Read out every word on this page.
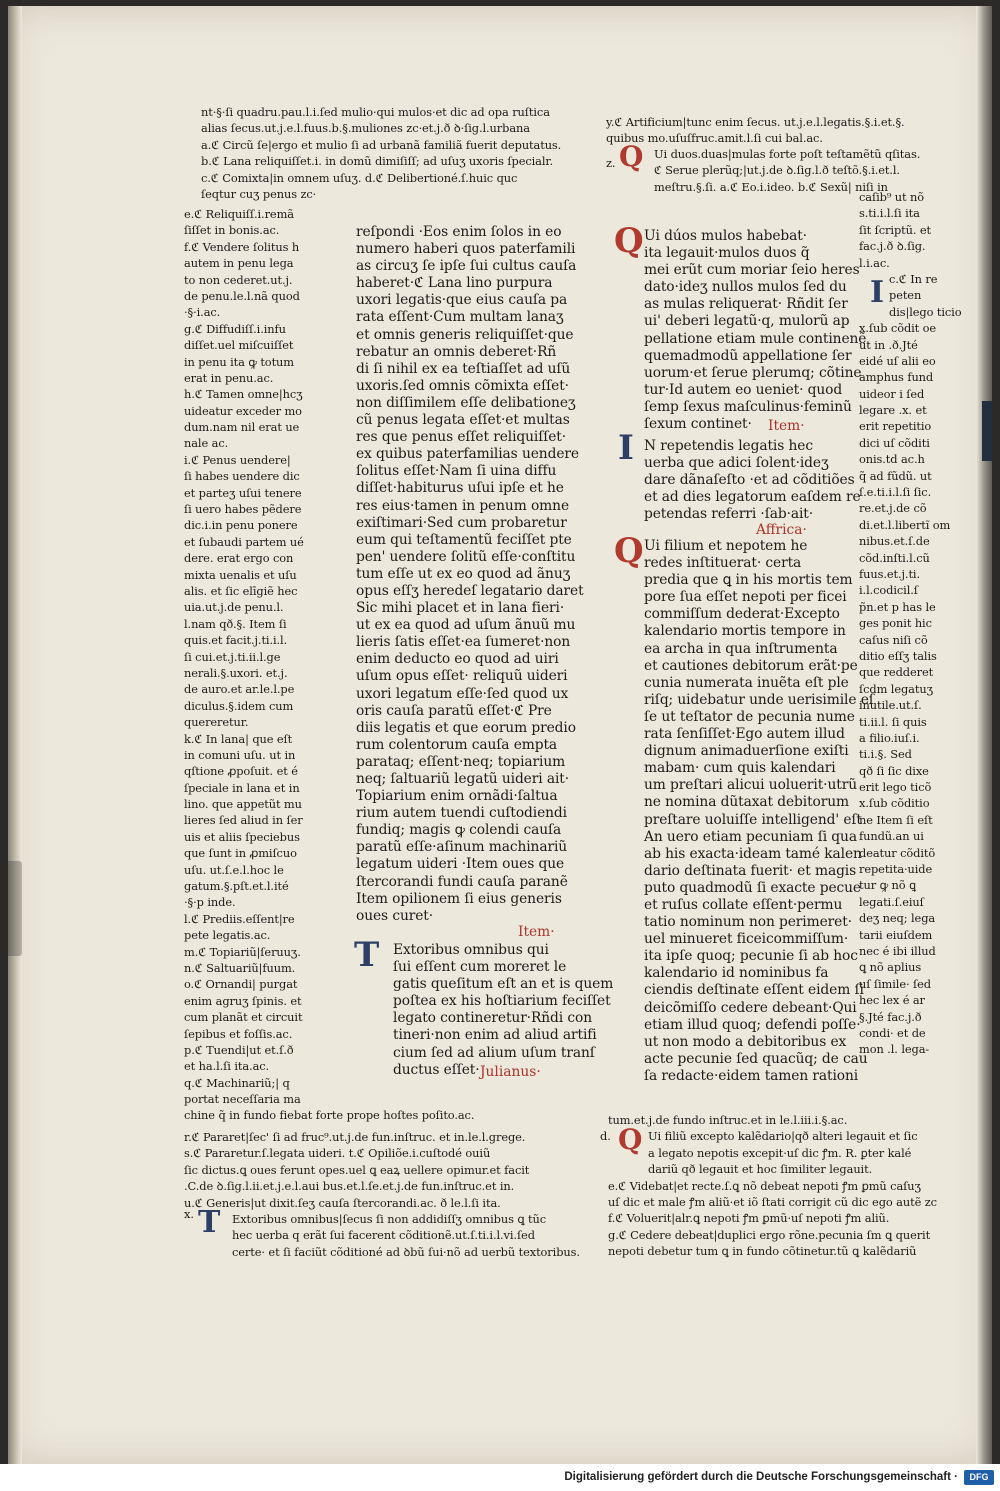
nt·§·ſi quadru.pau.l.i.ſed mulio·qui mulos·et dic ad opa ruſtica
alias ſecus.ut.j.e.l.fuus.b.§.muliones zc·et.j.ð ꝺ·ſig.l.urbana
a.ℭ Circũ ſe|ergo et mulio ſi ad urbanã familiã fuerit deputatus.
b.ℭ Lana reliquiſſet.i. in domũ dimiſiſſ; ad uſuʒ uxoris ſpecialr.
c.ℭ Comixta|in omnem uſuʒ. d.ℭ Delibertioné.ſ.huic quc
ſeqtur cuʒ penus zc·
e.ℭ Reliquiſſ.i.remã
ſiſſet in bonis.ac.
f.ℭ Vendere ſolitus h
autem in penu lega
to non cederet.ut.j.
de penu.le.l.nã quod
·§·i.ac.
g.ℭ Diffudiſſ.i.infu
diſſet.uel miſcuiſſet
in penu ita ꝙ totum
erat in penu.ac.
h.ℭ Tamen omne|hcʒ
uideatur exceder mo
dum.nam nil erat ue
nale ac.
i.ℭ Penus uendere|
ſi habes uendere dic
et parteʒ uſui tenere
ſi uero habes pẽdere
dic.i.in penu ponere
et ſubaudi partem ué
dere. erat ergo con
mixta uenalis et uſu
alis. et ſic elīgiẽ hec
uia.ut.j.de penu.l.
l.nam qð.§. Item ſi
quis.et facit.j.ti.i.l.
ſi cui.et.j.ti.ii.l.ge
nerali.§.uxori. et.j.
de auro.et ar.le.l.pe
diculus.§.idem cum
quereretur.
k.ℭ In lana| que eſt
in comuni uſu. ut in
qſtione ꝓpoſuit. et é
ſpeciale in lana et in
lino. que appetũt mu
lieres ſed aliud in ſer
uis et aliis ſpeciebus
que ſunt in ꝓmiſcuo
uſu. ut.ſ.e.l.hoc le
gatum.§.pſt.et.l.ité
·§·p inde.
l.ℭ Prediis.eſſent|re
pete legatis.ac.
m.ℭ Topiariũ|ſeruuʒ.
n.ℭ Saltuariũ|fuum.
o.ℭ Ornandi| purgat
enim agruʒ ſpinis. et
cum planãt et circuit
ſepibus et foſſis.ac.
p.ℭ Tuendi|ut et.ſ.ð
et ha.l.ſi ita.ac.
q.ℭ Machinariũ;| q
portat neceſſaria ma
chine q̃ in fundo fiebat forte prope hoſtes poſito.ac.
reſpondi ·Eos enim ſolos in eo
numero haberi quos paterfamili
as circuʒ ſe ipſe ſui cultus cauſa
haberet·ℭ Lana lino purpura
uxori legatis·que eius cauſa pa
rata eſſent·Cum multam lanaʒ
et omnis generis reliquiſſet·que
rebatur an omnis deberet·Rñ
di ſi nihil ex ea teſtiaſſet ad uſũ
uxoris.ſed omnis cõmixta eſſet·
non diſſimilem eſſe delibationeʒ
cũ penus legata eſſet·et multas
res que penus eſſet reliquiſſet·
ex quibus paterfamilias uendere
ſolitus eſſet·Nam ſi uina diffu
diſſet·habiturus uſui ipſe et he
res eius·tamen in penum omne
exiſtimari·Sed cum probaretur
eum qui teſtamentũ feciſſet pte
pen' uendere ſolitũ eſſe·conſtitu
tum eſſe ut ex eo quod ad ãnuʒ
opus eſſʒ heredeſ legatario daret
Sic mihi placet et in lana fieri·
ut ex ea quod ad uſum ãnuũ mu
lieris ſatis eſſet·ea ſumeret·non
enim deducto eo quod ad uiri
uſum opus eſſet· reliquũ uideri
uxori legatum eſſe·ſed quod ux
oris cauſa paratũ eſſet·ℭ Pre
diis legatis et que eorum predio
rum colentorum cauſa empta
parataq; eſſent·neq; topiarium
neq; ſaltuariũ legatũ uideri ait·
Topiarium enim ornãdi·ſaltua
rium autem tuendi cuſtodiendi
fundiq; magis ꝙ colendi cauſa
paratũ eſſe·aſinum machinariũ
legatum uideri ·Item oues que
ſtercorandi fundi cauſa paranẽ
Item opilionem ſi eius generis
oues curet·
Item·
T Extoribus omnibus qui
ſui eſſent cum moreret le
gatis queſitum eſt an et is quem
poſtea ex his hoſtiarium feciſſet
legato contineretur·Rñdi con
tineri·non enim ad aliud artifi
cium ſed ad alium uſum tranſ
ductus eſſet· Julianus·
y.ℭ Artificium|tunc enim ſecus. ut.j.e.l.legatis.§.i.et.§.
quibus mo.uſuſfruc.amit.l.ſi cui bal.ac.
z. Q Ui duos.duas|mulas forte poſt teſtamẽtũ qſitas.
ℭ Serue plerũq;|ut.j.de ꝺ.ſig.l.ð teſtõ.§.i.et.l.
meſtru.§.ſi. a.ℭ Eo.i.ideo. b.ℭ Sexũ| niſi in
Q Ui dúos mulos habebat·
ita legauit·mulos duos q̃
mei erũt cum moriar ſeio heres
dato·ideʒ nullos mulos ſed du
as mulas reliquerat· Rñdit ſer
ui' deberi legatũ·q, mulorũ ap
pellatione etiam mule continenẽ
quemadmodũ appellatione ſer
uorum·et ſerue plerumq; cõtine
tur·Id autem eo ueniet· quod
ſemp ſexus maſculinus·feminũ
ſexum continet·	Item·
I N repetendis legatis hec
uerba que adici ſolent·ideʒ
dare dãnaſeſto ·et ad cõditiões
et ad dies legatorum eaſdem re
petendas referri ·ſab·ait·
Affrica·
Q Ui filium et nepotem he
redes inſtituerat· certa
predia que ꝗ in his mortis tem
pore ſua eſſet nepoti per ficei
commiſſum dederat·Excepto
kalendario mortis tempore in
ea archa in qua inſtrumenta
et cautiones debitorum erãt·pe
cunia numerata inuẽta eſt ple
riſq; uidebatur unde uerisimile eſ
ſe ut teſtator de pecunia nume
rata ſenſiſſet·Ego autem illud
dignum animaduerſione exiſti
mabam· cum quis kalendari
um preſtari alicui uoluerit·utrũ
ne nomina dũtaxat debitorum
preſtare uoluiſſe intelligend' eſt
An uero etiam pecuniam ſi qua
ab his exacta·ideam tamé kalen
dario deſtinata fuerit· et magis
puto quadmodũ ſi exacte pecue
et ruſus collate eſſent·permu
tatio nominum non perimeret·
uel minueret ficeicommiſſum·
ita ipſe quoq; pecunie ſi ab hoc
kalendario id nominibus fa
ciendis deſtinate eſſent eidem ſi
deicõmiſſo cedere debeant·Qui
etiam illud quoq; defendi poſſe·
ut non modo a debitoribus ex
acte pecunie ſed quacũq; de cau
ſa redacte·eidem tamen rationi
I
caſib⁹ ut nõ
s.ti.i.l.ſi ita
ſit ſcriptũ. et
fac.j.ð ꝺ.ſig.
l.i.ac.
c.ℭ In re
peten
dis|lego ticio
x.ſub cõdit oe
ut in .ð.Jté
eidé uſ alii eo
amphus fund
uideor i ſed
legare .x. et
erit repetitio
dici uſ cõditi
onis.td ac.h
q̃ ad fũdũ. ut
ſ.e.ti.i.l.ſi ſic.
re.et.j.de cõ
di.et.l.libertĩ om
nibus.et.ſ.de
cõd.inſti.l.cũ
fuus.et.j.ti.
i.l.codicil.ſ
p̃n.et p has le
ges ponit hic
caſus niſi cõ
ditio eſſʒ talis
que redderet
ſcdm legatuʒ
inutile.ut.ſ.
ti.ii.l. ſi quis
a filio.iuſ.i.
ti.i.§. Sed
qð ſi ſic dixe
erit lego ticõ
x.ſub cõditio
ne Item ſi eſt
fundũ.an ui
deatur cõditõ
repetita·uide
tur ꝙ nõ ꝗ
legati.ſ.eiuſ
deʒ neq; lega
tarii eiuſdem
nec é ibi illud
ꝗ nõ aplius
uſ ſimile· ſed
hec lex é ar
§.Jté fac.j.ð
condi· et de
mon .l. lega-
r.ℭ Pararet|ſec' ſi ad fruc⁹.ut.j.de fun.inſtruc. et in.le.l.grege.
s.ℭ Pararetur.ſ.legata uideri. t.ℭ Opiliõe.i.cuſtodé ouiũ
ſic dictus.ꝗ oues ferunt opes.uel ꝗ eaꝝ uellere opimur.et facit
.C.de ꝺ.ſig.l.ii.et.j.e.l.aui bus.et.l.ſe.et.j.de fun.inſtruc.et in.
u.ℭ Generis|ut dixit.ſeʒ cauſa ſtercorandi.ac. ð le.l.ſi ita.
Extoribus omnibus|ſecus ſi non addidiſſʒ omnibus ꝗ tũc
hec uerba q erãt ſui facerent cõditionẽ.ut.ſ.ti.i.l.vi.ſed
certe· et ſi faciũt cõditioné ad ꝺbũ ſui·nõ ad uerbũ textoribus.
x. T
tum.et.j.de fundo inſtruc.et in le.l.iii.i.§.ac.
Ui filiũ excepto kalẽdario|qð alteri legauit et ſic
a legato nepotis excepit·uſ dic ꝭm. R. ꝑter kalé
dariũ qð legauit et hoc ſimiliter legauit.
e.ℭ Videbat|et recte.ſ.ꝗ nõ debeat nepoti ꝭm ꝑmũ caſuʒ
uſ dic et male ꝭm aliũ·et iõ ſtati corrigit cũ dic ego autẽ zc
f.ℭ Voluerit|alr.ꝗ nepoti ꝭm ꝑmũ·uſ nepoti ꝭm aliũ.
g.ℭ Cedere debeat|duplici ergo rõne.pecunia ſm ꝗ querit
nepoti debetur tum ꝗ in fundo cõtinetur.tũ ꝗ kalẽdariũ
d. Q
Digitalisierung gefördert durch die Deutsche Forschungsgemeinschaft ·	DFG
